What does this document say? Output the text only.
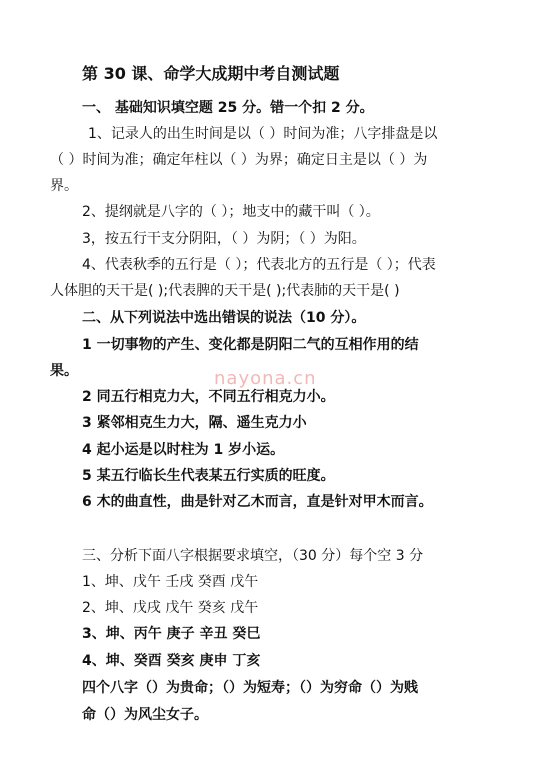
第 30 课、命学大成期中考自测试题
一、 基础知识填空题 25 分。错一个扣 2 分。
1、记录人的出生时间是以（ ）时间为准；八字排盘是以
（ ）时间为准；确定年柱以（ ）为界；确定日主是以（ ）为
界。
2、提纲就是八字的（ ）；地支中的藏干叫（ ）。
3，按五行干支分阴阳，（ ）为阴；（ ）为阳。
4、代表秋季的五行是（ ）；代表北方的五行是（ ）；代表
人体胆的天干是( );代表脾的天干是( );代表肺的天干是( )
二、从下列说法中选出错误的说法（10 分）。
1 一切事物的产生、变化都是阴阳二气的互相作用的结
果。
2 同五行相克力大，不同五行相克力小。
3 紧邻相克生力大，隔、遥生克力小
4 起小运是以时柱为 1 岁小运。
5 某五行临长生代表某五行实质的旺度。
6 木的曲直性，曲是针对乙木而言，直是针对甲木而言。
三、分析下面八字根据要求填空，（30 分）每个空 3 分
1、坤、戊午 壬戌 癸酉 戊午
2、坤、戊戌 戊午 癸亥 戊午
3、坤、丙午 庚子 辛丑 癸巳
4、坤、癸酉 癸亥 庚申 丁亥
四个八字（）为贵命；（）为短寿；（）为穷命（）为贱
命（）为风尘女子。
nayona.cn
